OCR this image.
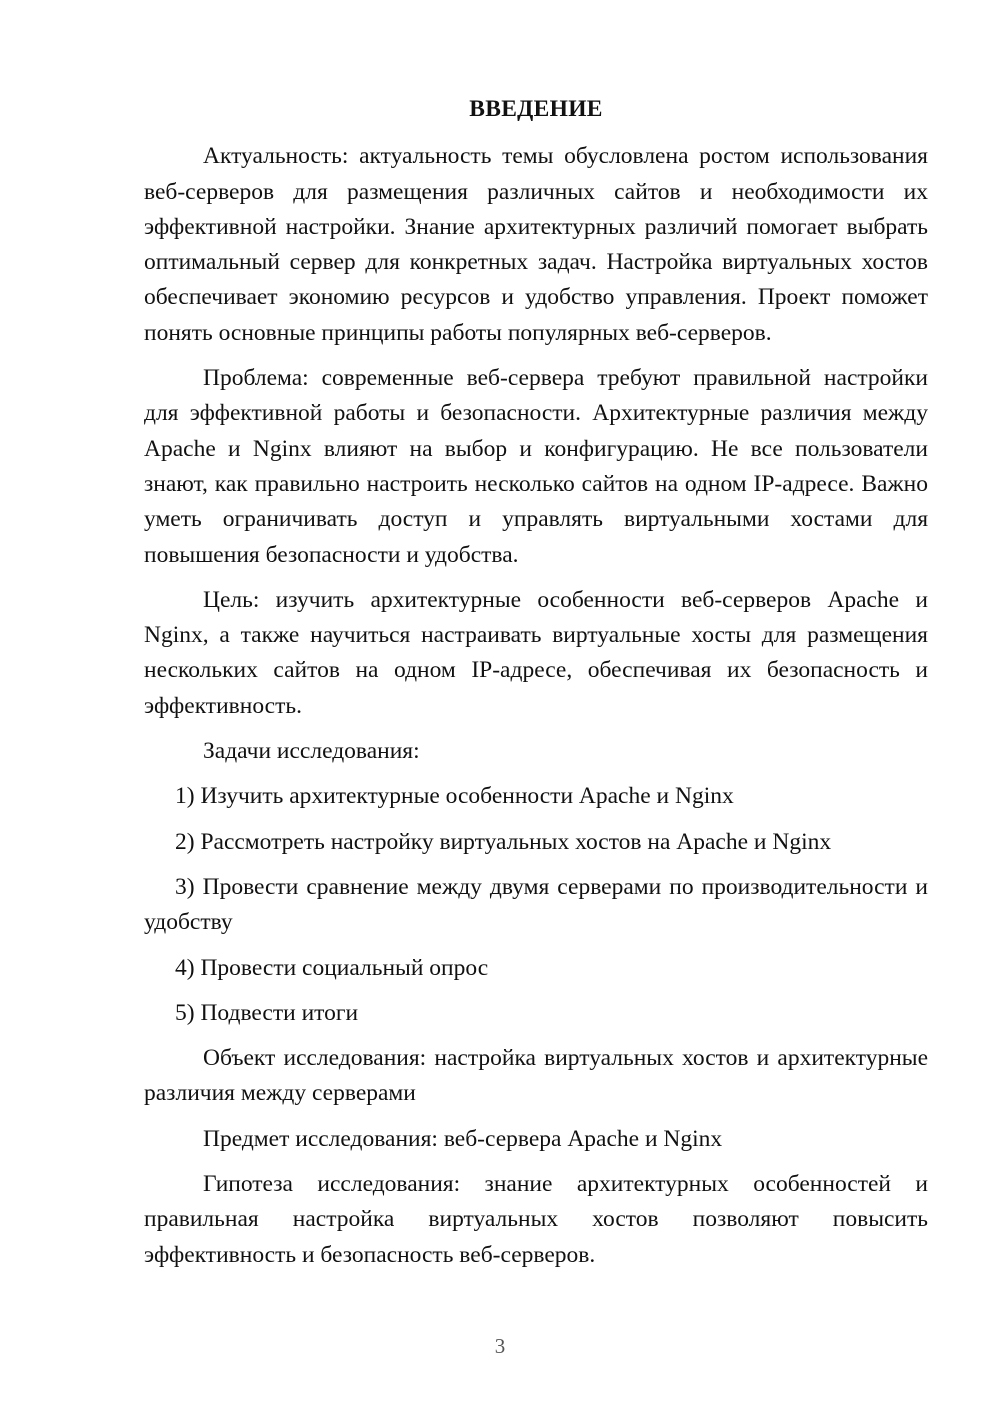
ВВЕДЕНИЕ

Актуальность: актуальность темы обусловлена ростом использования веб-серверов для размещения различных сайтов и необходимости их эффективной настройки. Знание архитектурных различий помогает выбрать оптимальный сервер для конкретных задач. Настройка виртуальных хостов обеспечивает экономию ресурсов и удобство управления. Проект поможет понять основные принципы работы популярных веб-серверов.

Проблема: современные веб-сервера требуют правильной настройки для эффективной работы и безопасности. Архитектурные различия между Apache и Nginx влияют на выбор и конфигурацию. Не все пользователи знают, как правильно настроить несколько сайтов на одном IP-адресе. Важно уметь ограничивать доступ и управлять виртуальными хостами для повышения безопасности и удобства.

Цель: изучить архитектурные особенности веб-серверов Apache и Nginx, а также научиться настраивать виртуальные хосты для размещения нескольких сайтов на одном IP-адресе, обеспечивая их безопасность и эффективность.

Задачи исследования:

1) Изучить архитектурные особенности Apache и Nginx

2) Рассмотреть настройку виртуальных хостов на Apache и Nginx

3) Провести сравнение между двумя серверами по производительности и удобству

4) Провести социальный опрос

5) Подвести итоги

Объект исследования: настройка виртуальных хостов и архитектурные различия между серверами

Предмет исследования: веб-сервера Apache и Nginx

Гипотеза исследования: знание архитектурных особенностей и правильная настройка виртуальных хостов позволяют повысить эффективность и безопасность веб-серверов.

3
